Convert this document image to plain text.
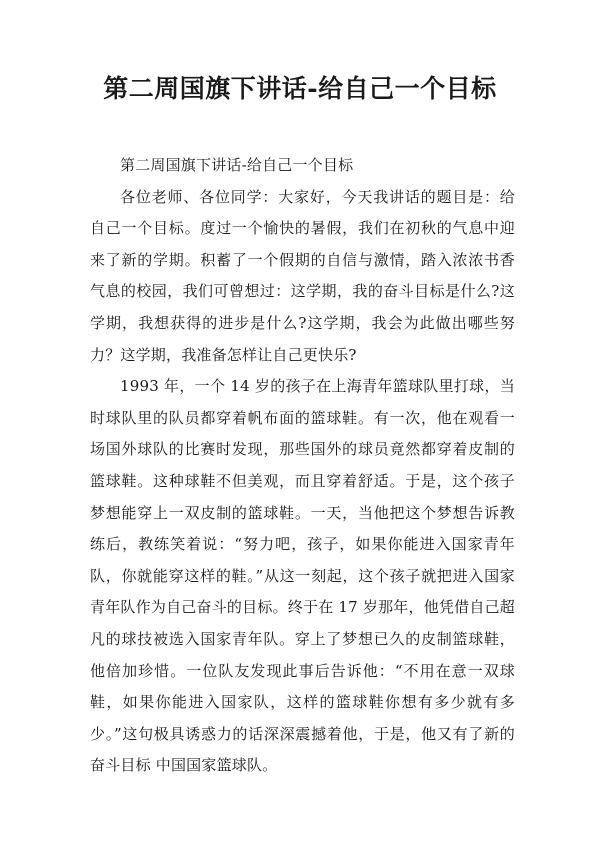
第二周国旗下讲话-给自己一个目标

第二周国旗下讲话-给自己一个目标

各位老师、各位同学：大家好，今天我讲话的题目是：给自己一个目标。度过一个愉快的暑假，我们在初秋的气息中迎来了新的学期。积蓄了一个假期的自信与激情，踏入浓浓书香气息的校园，我们可曾想过：这学期，我的奋斗目标是什么?这学期，我想获得的进步是什么?这学期，我会为此做出哪些努力？这学期，我准备怎样让自己更快乐?

1993 年，一个 14 岁的孩子在上海青年篮球队里打球，当时球队里的队员都穿着帆布面的篮球鞋。有一次，他在观看一场国外球队的比赛时发现，那些国外的球员竟然都穿着皮制的篮球鞋。这种球鞋不但美观，而且穿着舒适。于是，这个孩子梦想能穿上一双皮制的篮球鞋。一天，当他把这个梦想告诉教练后，教练笑着说：“努力吧，孩子，如果你能进入国家青年队，你就能穿这样的鞋。”从这一刻起，这个孩子就把进入国家青年队作为自己奋斗的目标。终于在 17 岁那年，他凭借自己超凡的球技被选入国家青年队。穿上了梦想已久的皮制篮球鞋，他倍加珍惜。一位队友发现此事后告诉他：“不用在意一双球鞋，如果你能进入国家队，这样的篮球鞋你想有多少就有多少。”这句极具诱惑力的话深深震撼着他，于是，他又有了新的奋斗目标 中国国家篮球队。
